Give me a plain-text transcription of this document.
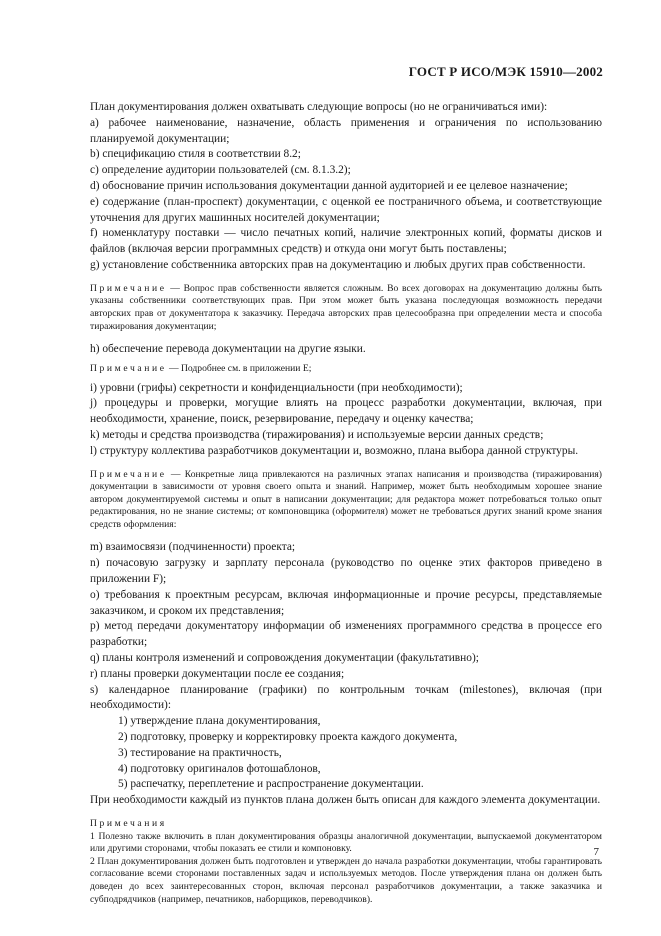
ГОСТ Р ИСО/МЭК 15910—2002

План документирования должен охватывать следующие вопросы (но не ограничиваться ими):

a) рабочее наименование, назначение, область применения и ограничения по использованию планируемой документации;

b) спецификацию стиля в соответствии 8.2;

c) определение аудитории пользователей (см. 8.1.3.2);

d) обоснование причин использования документации данной аудиторией и ее целевое назначение;

e) содержание (план-проспект) документации, с оценкой ее постраничного объема, и соответствующие уточнения для других машинных носителей документации;

f) номенклатуру поставки — число печатных копий, наличие электронных копий, форматы дисков и файлов (включая версии программных средств) и откуда они могут быть поставлены;

g) установление собственника авторских прав на документацию и любых других прав собственности.

Примечание — Вопрос прав собственности является сложным. Во всех договорах на документацию должны быть указаны собственники соответствующих прав. При этом может быть указана последующая возможность передачи авторских прав от документатора к заказчику. Передача авторских прав целесообразна при определении места и способа тиражирования документации;

h) обеспечение перевода документации на другие языки.

Примечание — Подробнее см. в приложении E;

i) уровни (грифы) секретности и конфиденциальности (при необходимости);

j) процедуры и проверки, могущие влиять на процесс разработки документации, включая, при необходимости, хранение, поиск, резервирование, передачу и оценку качества;

k) методы и средства производства (тиражирования) и используемые версии данных средств;

l) структуру коллектива разработчиков документации и, возможно, плана выбора данной структуры.

Примечание — Конкретные лица привлекаются на различных этапах написания и производства (тиражирования) документации в зависимости от уровня своего опыта и знаний. Например, может быть необходимым хорошее знание автором документируемой системы и опыт в написании документации; для редактора может потребоваться только опыт редактирования, но не знание системы; от компоновщика (оформителя) может не требоваться других знаний кроме знания средств оформления:

m) взаимосвязи (подчиненности) проекта;

n) почасовую загрузку и зарплату персонала (руководство по оценке этих факторов приведено в приложении F);

o) требования к проектным ресурсам, включая информационные и прочие ресурсы, представляемые заказчиком, и сроком их представления;

p) метод передачи документатору информации об изменениях программного средства в процессе его разработки;

q) планы контроля изменений и сопровождения документации (факультативно);

r) планы проверки документации после ее создания;

s) календарное планирование (графики) по контрольным точкам (milestones), включая (при необходимости):

1) утверждение плана документирования,

2) подготовку, проверку и корректировку проекта каждого документа,

3) тестирование на практичность,

4) подготовку оригиналов фотошаблонов,

5) распечатку, переплетение и распространение документации.

При необходимости каждый из пунктов плана должен быть описан для каждого элемента документации.

Примечания

1 Полезно также включить в план документирования образцы аналогичной документации, выпускаемой документатором или другими сторонами, чтобы показать ее стили и компоновку.

2 План документирования должен быть подготовлен и утвержден до начала разработки документации, чтобы гарантировать согласование всеми сторонами поставленных задач и используемых методов. После утверждения плана он должен быть доведен до всех заинтересованных сторон, включая персонал разработчиков документации, а также заказчика и субподрядчиков (например, печатников, наборщиков, переводчиков).

7
